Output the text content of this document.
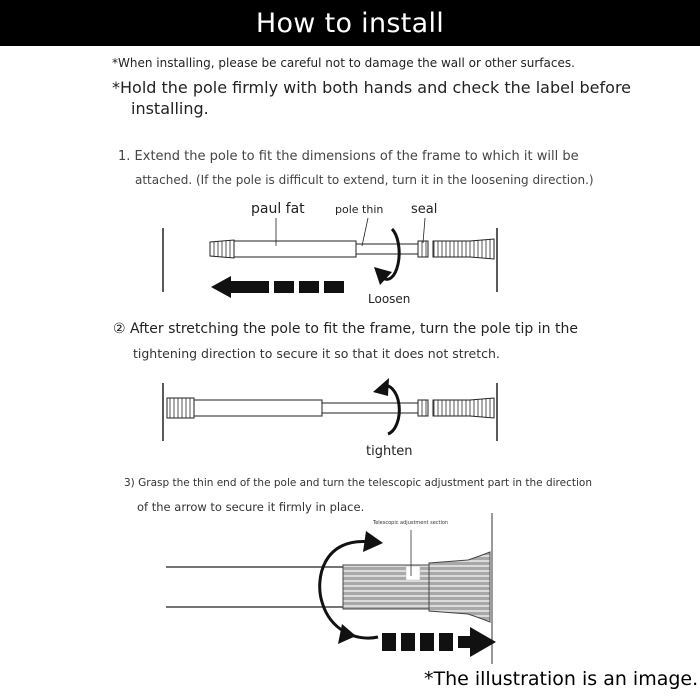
How to install
*When installing, please be careful not to damage the wall or other surfaces.
*Hold the pole firmly with both hands and check the label before
installing.
1. Extend the pole to fit the dimensions of the frame to which it will be
attached. (If the pole is difficult to extend, turn it in the loosening direction.)
② After stretching the pole to fit the frame, turn the pole tip in the
tightening direction to secure it so that it does not stretch.
3) Grasp the thin end of the pole and turn the telescopic adjustment part in the direction
of the arrow to secure it firmly in place.
paul fat	pole thin seal
Loosen
tighten
Telescopic adjustment section
*The illustration is an image.
